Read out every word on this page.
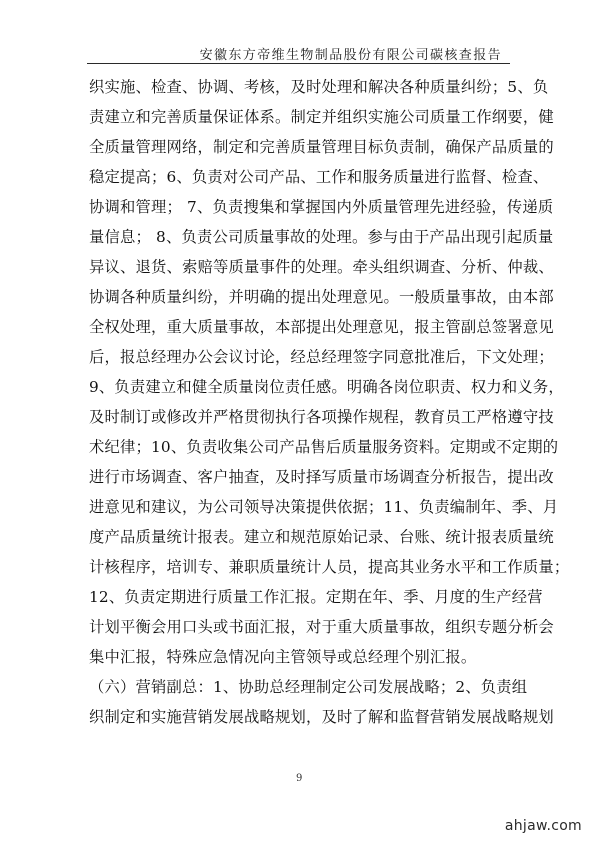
安徽东方帝维生物制品股份有限公司碳核查报告
织实施、检查、协调、考核，及时处理和解决各种质量纠纷；5、负
责建立和完善质量保证体系。制定并组织实施公司质量工作纲要，健
全质量管理网络，制定和完善质量管理目标负责制，确保产品质量的
稳定提高；6、负责对公司产品、工作和服务质量进行监督、检查、
协调和管理； 7、负责搜集和掌握国内外质量管理先进经验，传递质
量信息； 8、负责公司质量事故的处理。参与由于产品出现引起质量
异议、退货、索赔等质量事件的处理。牵头组织调查、分析、仲裁、
协调各种质量纠纷，并明确的提出处理意见。一般质量事故，由本部
全权处理，重大质量事故，本部提出处理意见，报主管副总签署意见
后，报总经理办公会议讨论，经总经理签字同意批准后，下文处理；
9、负责建立和健全质量岗位责任感。明确各岗位职责、权力和义务，
及时制订或修改并严格贯彻执行各项操作规程，教育员工严格遵守技
术纪律；10、负责收集公司产品售后质量服务资料。定期或不定期的
进行市场调查、客户抽查，及时择写质量市场调查分析报告，提出改
进意见和建议，为公司领导决策提供依据；11、负责编制年、季、月
度产品质量统计报表。建立和规范原始记录、台账、统计报表质量统
计核程序，培训专、兼职质量统计人员，提高其业务水平和工作质量；
12、负责定期进行质量工作汇报。定期在年、季、月度的生产经营
计划平衡会用口头或书面汇报，对于重大质量事故，组织专题分析会
集中汇报，特殊应急情况向主管领导或总经理个别汇报。
（六）营销副总：1、协助总经理制定公司发展战略；2、负责组
织制定和实施营销发展战略规划，及时了解和监督营销发展战略规划
9
ahjaw.com
